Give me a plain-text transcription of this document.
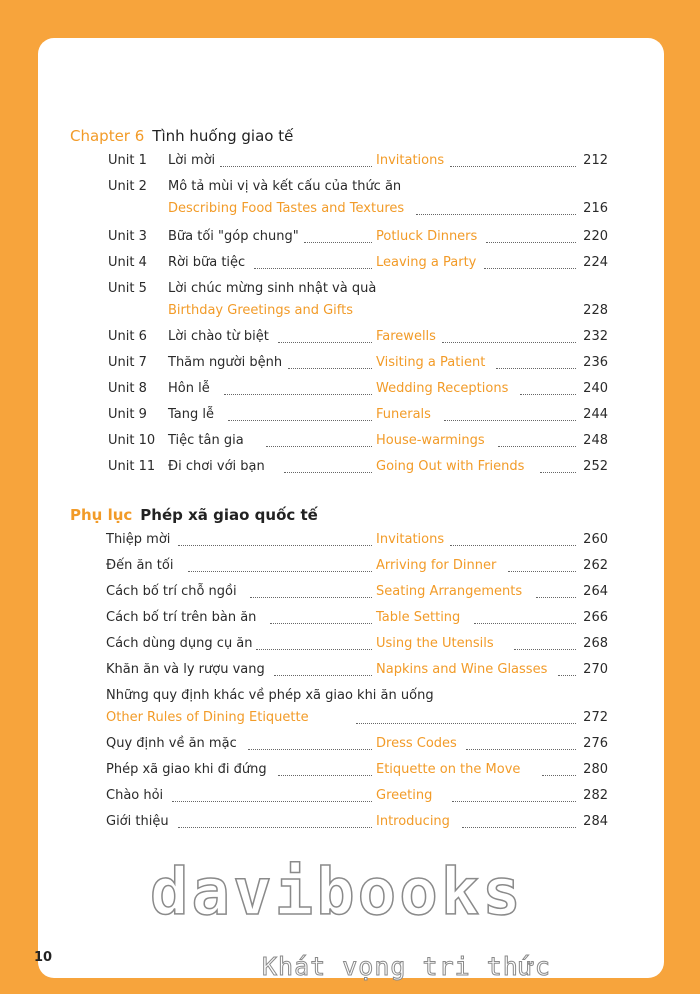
Chapter 6 Tình huống giao tế
Unit 1 Lời mời	Invitations	212
Unit 2 Mô tả mùi vị và kết cấu của thức ăn
Describing Food Tastes and Textures	216
Unit 3 Bữa tối "góp chung"	Potluck Dinners	220
Unit 4 Rời bữa tiệc	Leaving a Party	224
Unit 5 Lời chúc mừng sinh nhật và quà
Birthday Greetings and Gifts	228
Unit 6 Lời chào từ biệt	Farewells	232
Unit 7 Thăm người bệnh	Visiting a Patient	236
Unit 8 Hôn lễ	Wedding Receptions	240
Unit 9 Tang lễ	Funerals	244
Unit 10 Tiệc tân gia	House-warmings	248
Unit 11 Đi chơi với bạn	Going Out with Friends	252
Phụ lục Phép xã giao quốc tế
Thiệp mời	Invitations	260
Đến ăn tối	Arriving for Dinner	262
Cách bố trí chỗ ngồi	Seating Arrangements	264
Cách bố trí trên bàn ăn	Table Setting	266
Cách dùng dụng cụ ăn	Using the Utensils	268
Khăn ăn và ly rượu vang	Napkins and Wine Glasses	270
Những quy định khác về phép xã giao khi ăn uống
Other Rules of Dining Etiquette	272
Quy định về ăn mặc	Dress Codes	276
Phép xã giao khi đi đứng	Etiquette on the Move	280
Chào hỏi	Greeting	282
Giới thiệu	Introducing	284
davibooks
Khát vọng tri thức
10
